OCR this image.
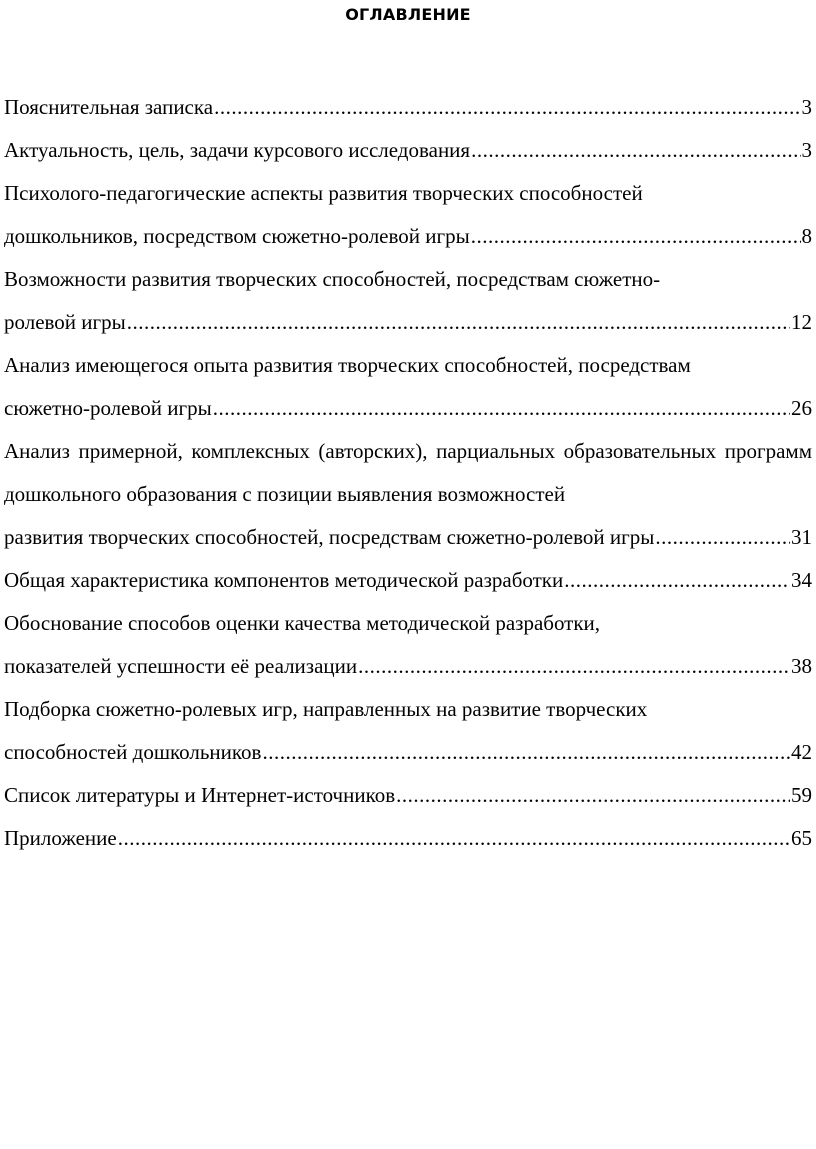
ОГЛАВЛЕНИЕ
Пояснительная записка .....	3
Актуальность, цель, задачи курсового исследования .....	3
Психолого-педагогические аспекты развития творческих способностей
дошкольников, посредством сюжетно-ролевой игры .....	8
Возможности развития творческих способностей, посредствам сюжетно-
ролевой игры .....	12
Анализ имеющегося опыта развития творческих способностей, посредствам
сюжетно-ролевой игры .....	26
Анализ примерной, комплексных (авторских), парциальных образовательных программ дошкольного образования с позиции выявления возможностей
развития творческих способностей, посредствам сюжетно-ролевой игры .....	31
Общая характеристика компонентов методической разработки .....	34
Обоснование способов оценки качества методической разработки,
показателей успешности её реализации .....	38
Подборка сюжетно-ролевых игр, направленных на развитие творческих
способностей дошкольников .....	42
Список литературы и Интернет-источников .....	59
Приложение .....	65
